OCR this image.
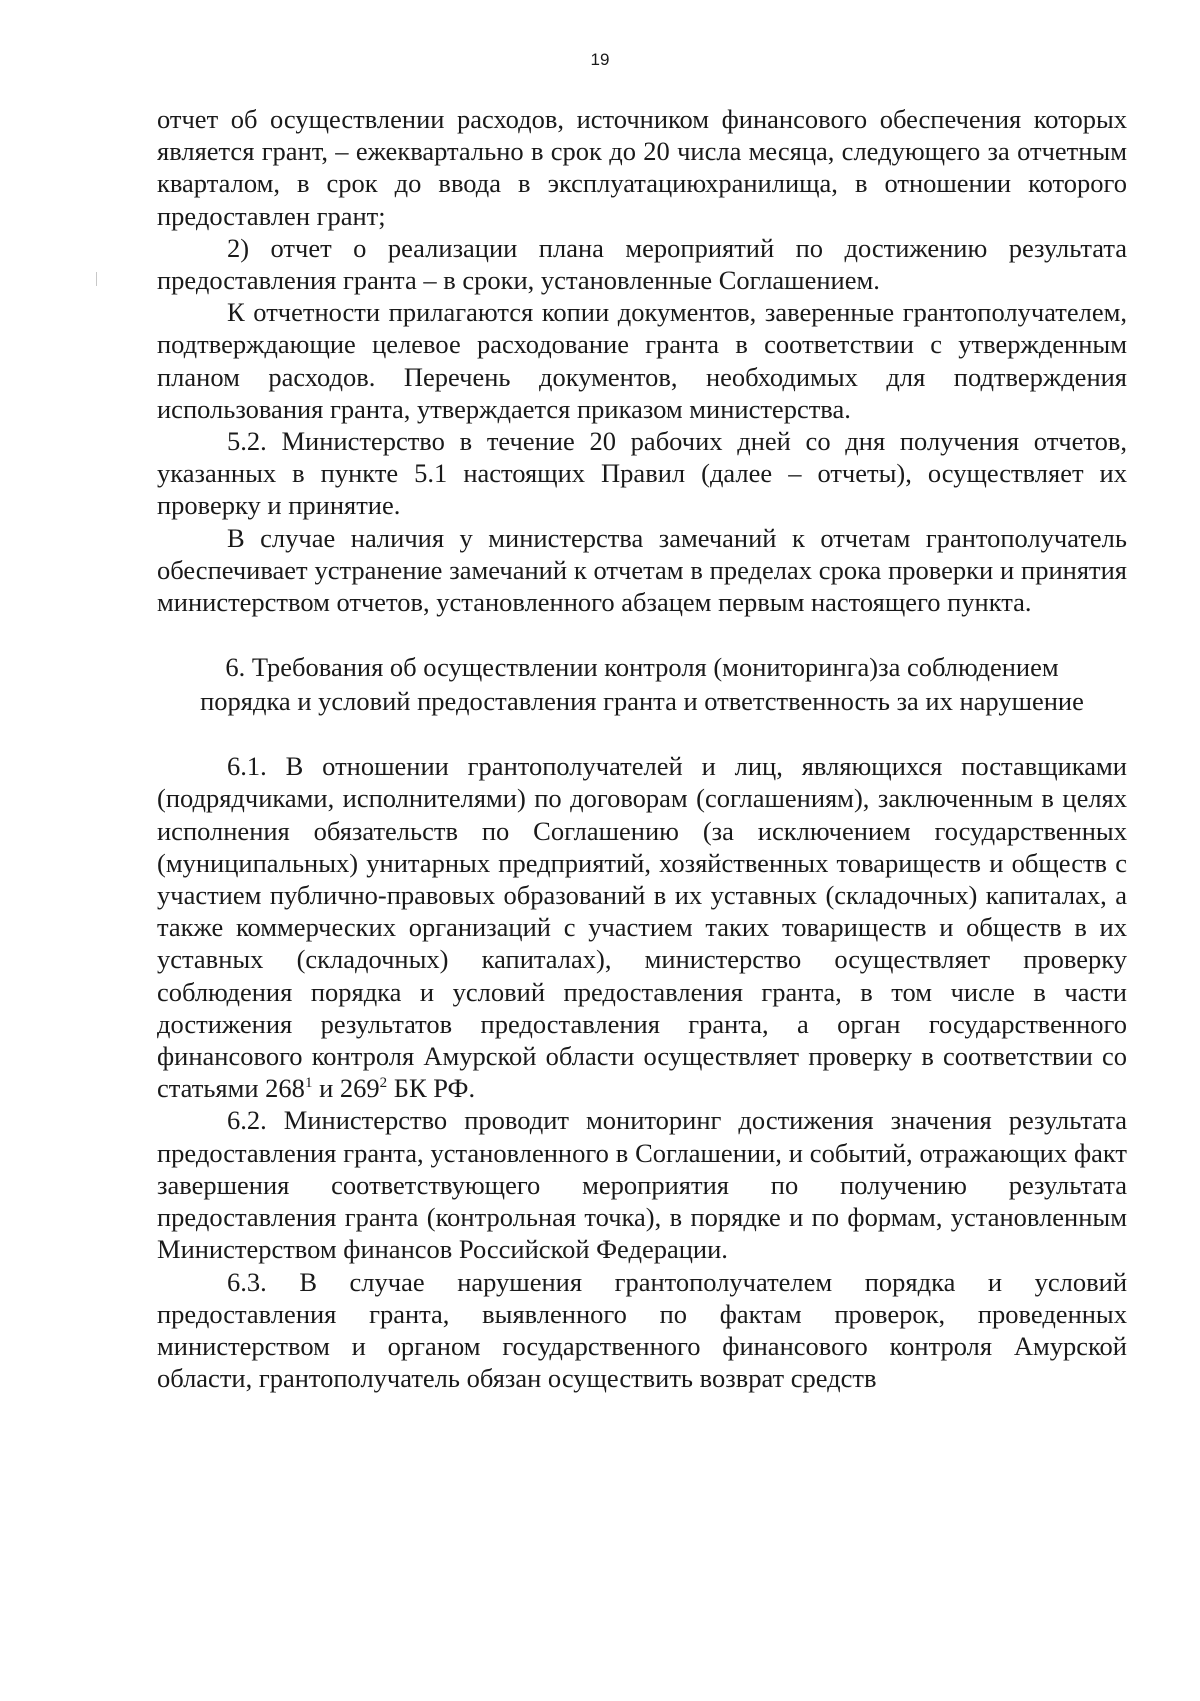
19

отчет об осуществлении расходов, источником финансового обеспечения которых является грант, – ежеквартально в срок до 20 числа месяца, следующего за отчетным кварталом, в срок до ввода в эксплуатациюхранилища, в отношении которого предоставлен грант;

2) отчет о реализации плана мероприятий по достижению результата предоставления гранта – в сроки, установленные Соглашением.

К отчетности прилагаются копии документов, заверенные грантополучателем, подтверждающие целевое расходование гранта в соответствии с утвержденным планом расходов. Перечень документов, необходимых для подтверждения использования гранта, утверждается приказом министерства.

5.2. Министерство в течение 20 рабочих дней со дня получения отчетов, указанных в пункте 5.1 настоящих Правил (далее – отчеты), осуществляет их проверку и принятие.

В случае наличия у министерства замечаний к отчетам грантополучатель обеспечивает устранение замечаний к отчетам в пределах срока проверки и принятия министерством отчетов, установленного абзацем первым настоящего пункта.

6. Требования об осуществлении контроля (мониторинга)за соблюдением
порядка и условий предоставления гранта и ответственность за их нарушение

6.1. В отношении грантополучателей и лиц, являющихся поставщиками (подрядчиками, исполнителями) по договорам (соглашениям), заключенным в целях исполнения обязательств по Соглашению (за исключением государственных (муниципальных) унитарных предприятий, хозяйственных товариществ и обществ с участием публично-правовых образований в их уставных (складочных) капиталах, а также коммерческих организаций с участием таких товариществ и обществ в их уставных (складочных) капиталах), министерство осуществляет проверку соблюдения порядка и условий предоставления гранта, в том числе в части достижения результатов предоставления гранта, а орган государственного финансового контроля Амурской области осуществляет проверку в соответствии со статьями $268^1$ и $269^2$ БК РФ.

6.2. Министерство проводит мониторинг достижения значения результата предоставления гранта, установленного в Соглашении, и событий, отражающих факт завершения соответствующего мероприятия по получению результата предоставления гранта (контрольная точка), в порядке и по формам, установленным Министерством финансов Российской Федерации.

6.3. В случае нарушения грантополучателем порядка и условий предоставления гранта, выявленного по фактам проверок, проведенных министерством и органом государственного финансового контроля Амурской области, грантополучатель обязан осуществить возврат средств
